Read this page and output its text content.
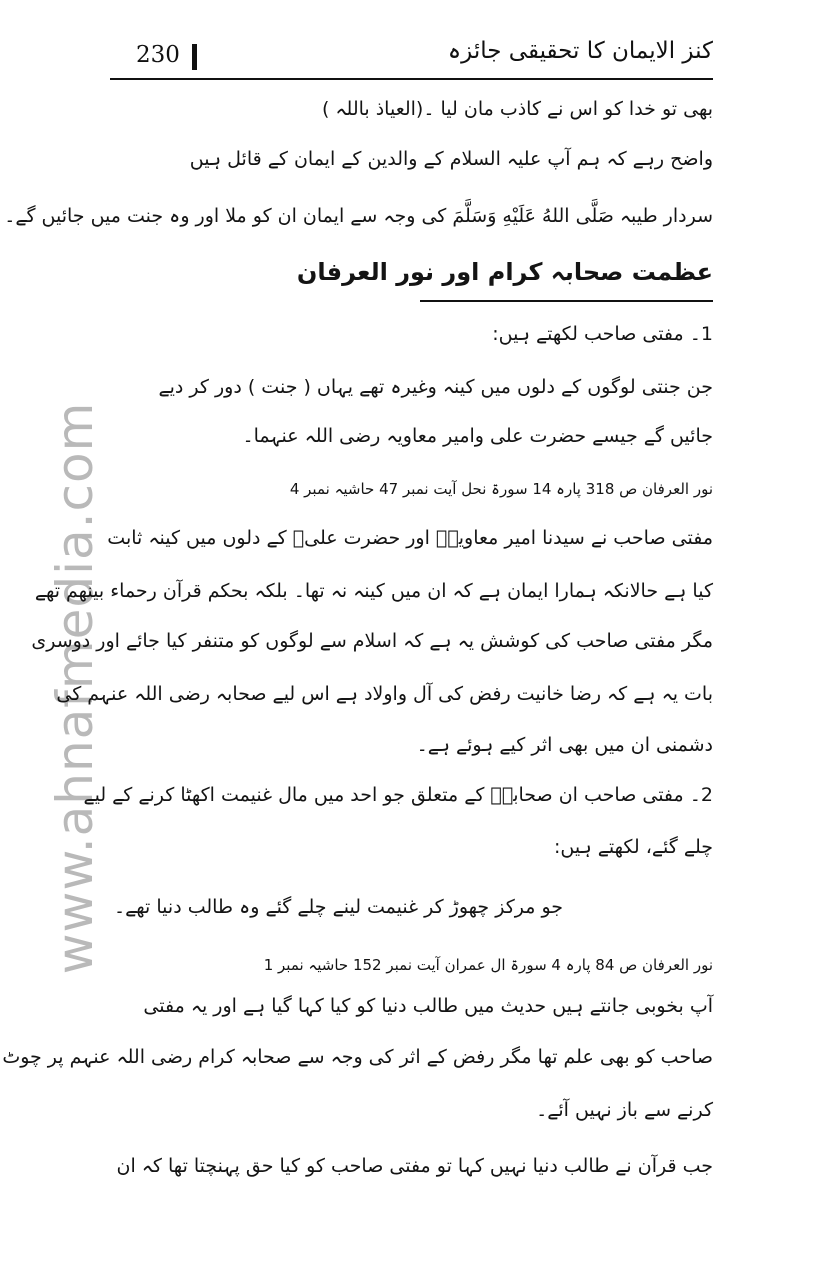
www.ahnafmedia.com
230	کنز الایمان کا تحقیقی جائزہ
بھی تو خدا کو اس نے کاذب مان لیا ۔(العیاذ باللہ )
واضح رہے کہ ہم آپ علیہ السلام کے والدین کے ایمان کے قائل ہیں
سردار طیبہ صَلَّى اللهُ عَلَيْهِ وَسَلَّمَ کی وجہ سے ایمان ان کو ملا اور وہ جنت میں جائیں گے۔
عظمت صحابہ کرام اور نور العرفان
1۔ مفتی صاحب لکھتے ہیں:
جن جنتی لوگوں کے دلوں میں کینہ وغیرہ تھے یہاں ( جنت ) دور کر دیے
جائیں گے جیسے حضرت علی وامیر معاویہ رضی اللہ عنہما۔
نور العرفان ص 318 پارہ 14 سورۃ نحل آیت نمبر 47 حاشیہ نمبر 4
مفتی صاحب نے سیدنا امیر معاویہؓ اور حضرت علیؓ کے دلوں میں کینہ ثابت
کیا ہے حالانکہ ہمارا ایمان ہے کہ ان میں کینہ نہ تھا۔ بلکہ بحکم قرآن رحماء بینھم تھے
مگر مفتی صاحب کی کوشش یہ ہے کہ اسلام سے لوگوں کو متنفر کیا جائے اور دوسری
بات یہ ہے کہ رضا خانیت رفض کی آل واولاد ہے اس لیے صحابہ رضی اللہ عنہم کی
دشمنی ان میں بھی اثر کیے ہوئے ہے۔
2۔ مفتی صاحب ان صحابہؓ کے متعلق جو احد میں مال غنیمت اکھٹا کرنے کے لیے
چلے گئے، لکھتے ہیں:
جو مرکز چھوڑ کر غنیمت لینے چلے گئے وہ طالب دنیا تھے۔
نور العرفان ص 84 پارہ 4 سورۃ ال عمران آیت نمبر 152 حاشیہ نمبر 1
آپ بخوبی جانتے ہیں حدیث میں طالب دنیا کو کیا کہا گیا ہے اور یہ مفتی
صاحب کو بھی علم تھا مگر رفض کے اثر کی وجہ سے صحابہ کرام رضی اللہ عنہم پر چوٹ
کرنے سے باز نہیں آئے۔
جب قرآن نے طالب دنیا نہیں کہا تو مفتی صاحب کو کیا حق پہنچتا تھا کہ ان
